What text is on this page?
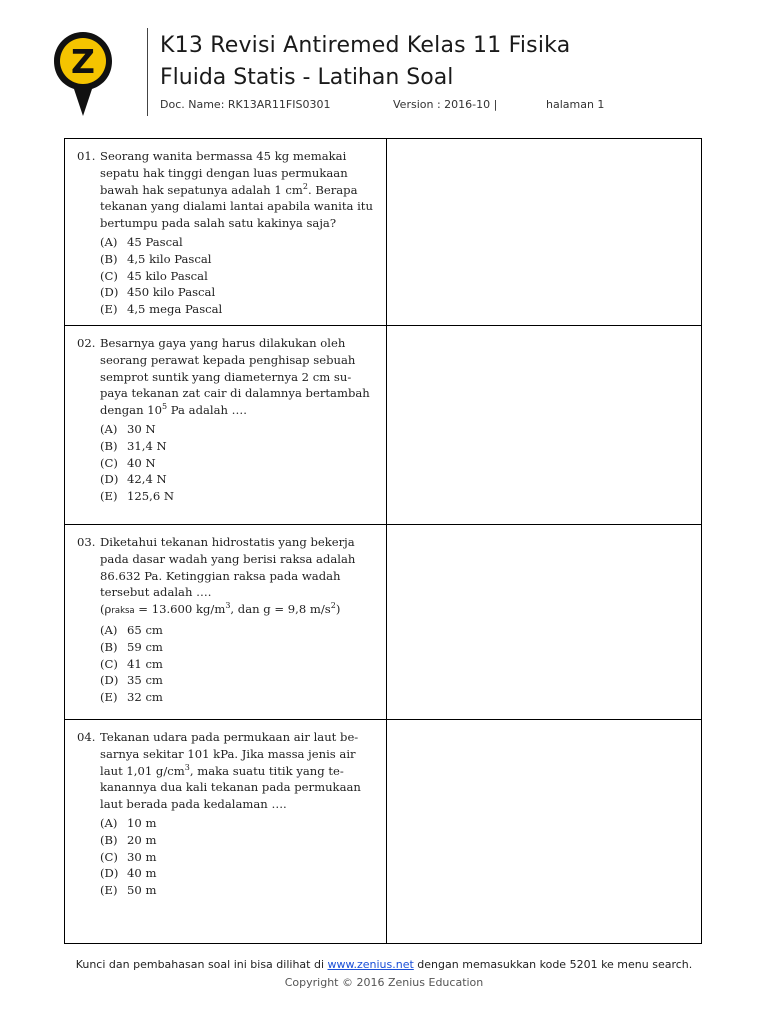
Z	K13 Revisi Antiremed Kelas 11 Fisika
Fluida Statis - Latihan Soal
Doc. Name: RK13AR11FIS0301	Version : 2016-10 |	halaman 1
01. Seorang wanita bermassa 45 kg memakai sepatu hak tinggi dengan luas permukaan bawah hak sepatunya adalah 1 $cm^2$. Berapa tekanan yang dialami lantai apabila wanita itu bertumpu pada salah satu kakinya saja?

(A) 45 Pascal
(B) 4,5 kilo Pascal
(C) 45 kilo Pascal
(D) 450 kilo Pascal
(E) 4,5 mega Pascal
02. Besarnya gaya yang harus dilakukan oleh seorang perawat kepada penghisap sebuah semprot suntik yang diameternya 2 cm su-paya tekanan zat cair di dalamnya bertambah dengan $10^5$ Pa adalah ….

(A) 30 N
(B) 31,4 N
(C) 40 N
(D) 42,4 N
(E) 125,6 N
03. Diketahui tekanan hidrostatis yang bekerja pada dasar wadah yang berisi raksa adalah 86.632 Pa. Ketinggian raksa pada wadah tersebut adalah ….

(ρraksa = 13.600 $kg/m^3$, dan g = 9,8 $m/s^2$)

(A) 65 cm
(B) 59 cm
(C) 41 cm
(D) 35 cm
(E) 32 cm
04. Tekanan udara pada permukaan air laut be-sarnya sekitar 101 kPa. Jika massa jenis air laut 1,01 $g/cm^3$, maka suatu titik yang te-kanannya dua kali tekanan pada permukaan laut berada pada kedalaman ….

(A) 10 m
(B) 20 m
(C) 30 m
(D) 40 m
(E) 50 m
Kunci dan pembahasan soal ini bisa dilihat di www.zenius.net dengan memasukkan kode 5201 ke menu search.
Copyright © 2016 Zenius Education
